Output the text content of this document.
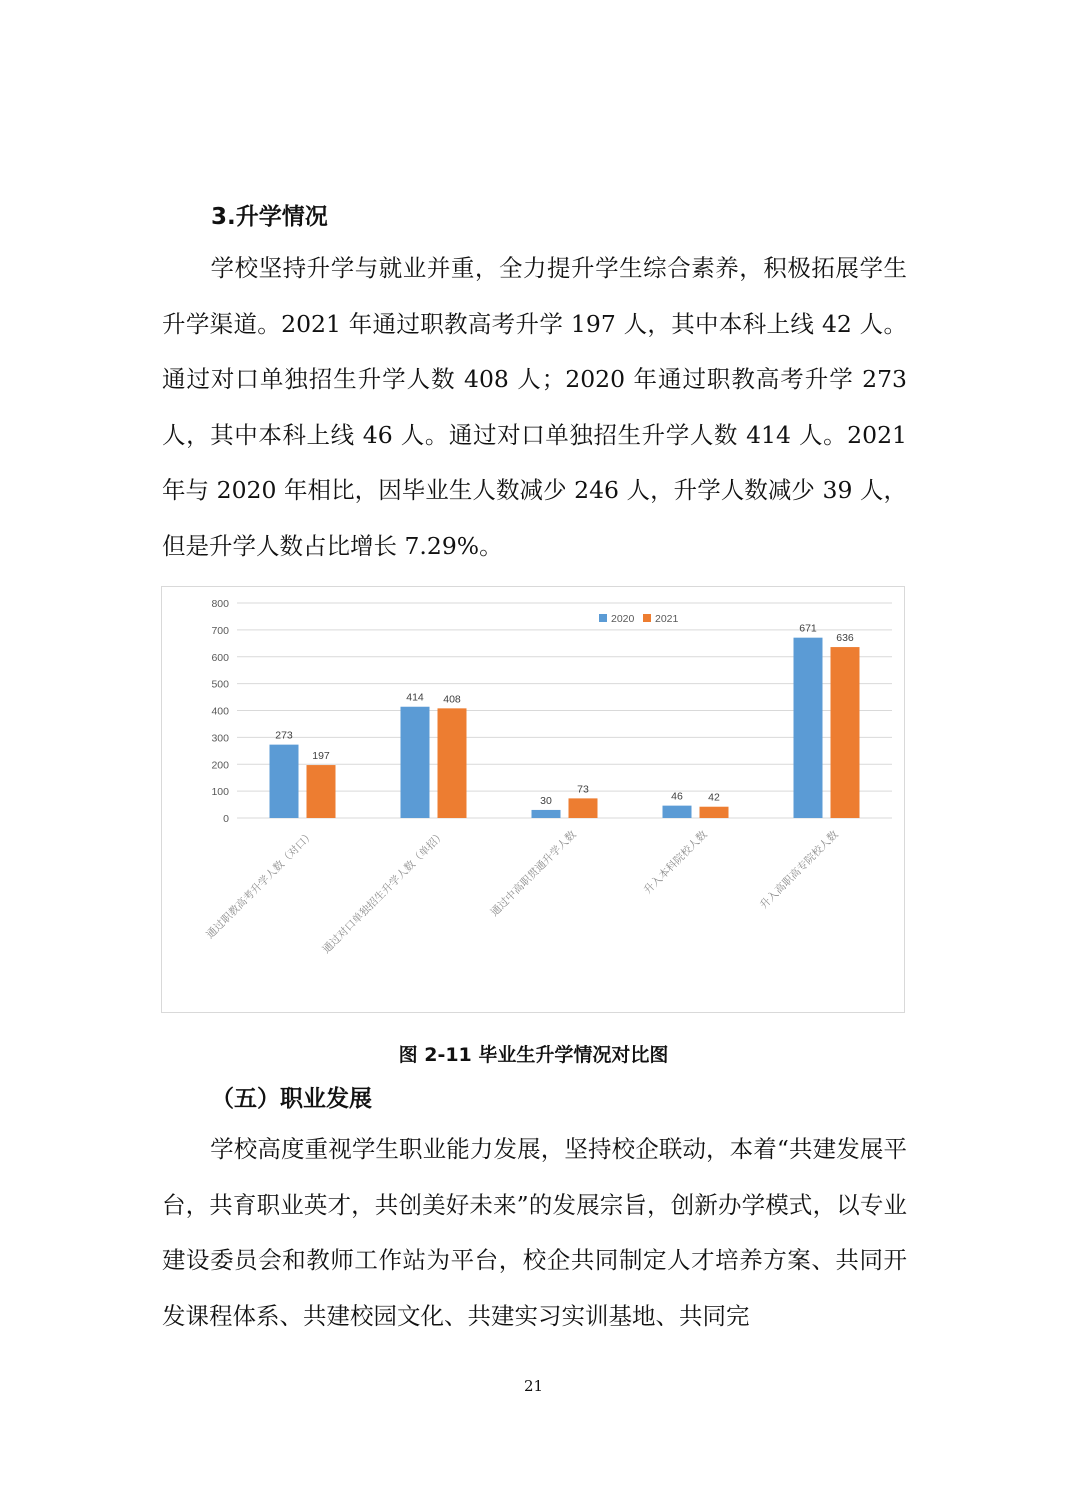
3.升学情况

学校坚持升学与就业并重，全力提升学生综合素养，积极拓展学生升学渠道。2021 年通过职教高考升学 197 人，其中本科上线 42 人。通过对口单独招生升学人数 408 人；2020 年通过职教高考升学 273 人，其中本科上线 46 人。通过对口单独招生升学人数 414 人。2021 年与 2020 年相比，因毕业生人数减少 246 人，升学人数减少 39 人，但是升学人数占比增长 7.29%。

0
100
200
300
400
500
600
700
800
273
197
414 408
30
73
46 42
671
636
通过职教高考升学人数（对口） 通过对口单独招生升学人数（单招）	通过中高职贯通升学人数	升入本科院校人数	升入高职高专院校人数
2020 2021

图 2-11 毕业生升学情况对比图

（五）职业发展

学校高度重视学生职业能力发展，坚持校企联动，本着“共建发展平台，共育职业英才，共创美好未来”的发展宗旨，创新办学模式，以专业建设委员会和教师工作站为平台，校企共同制定人才培养方案、共同开发课程体系、共建校园文化、共建实习实训基地、共同完

21
